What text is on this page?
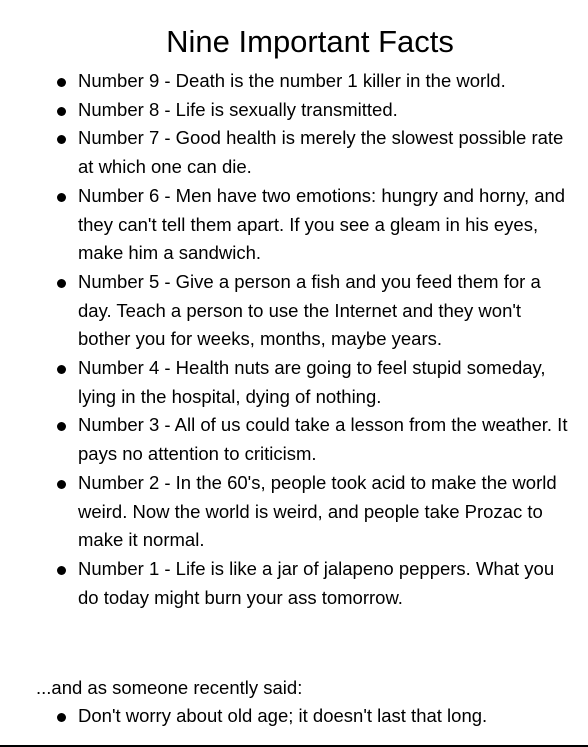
Nine Important Facts
Number 9 - Death is the number 1 killer in the world.
Number 8 - Life is sexually transmitted.
Number 7 - Good health is merely the slowest possible rate at which one can die.
Number 6 - Men have two emotions: hungry and horny, and they can't tell them apart. If you see a gleam in his eyes, make him a sandwich.
Number 5 - Give a person a fish and you feed them for a day. Teach a person to use the Internet and they won't bother you for weeks, months, maybe years.
Number 4 - Health nuts are going to feel stupid someday, lying in the hospital, dying of nothing.
Number 3 - All of us could take a lesson from the weather. It pays no attention to criticism.
Number 2 - In the 60's, people took acid to make the world weird. Now the world is weird, and people take Prozac to make it normal.
Number 1 - Life is like a jar of jalapeno peppers. What you do today might burn your ass tomorrow.
...and as someone recently said:
Don't worry about old age; it doesn't last that long.
